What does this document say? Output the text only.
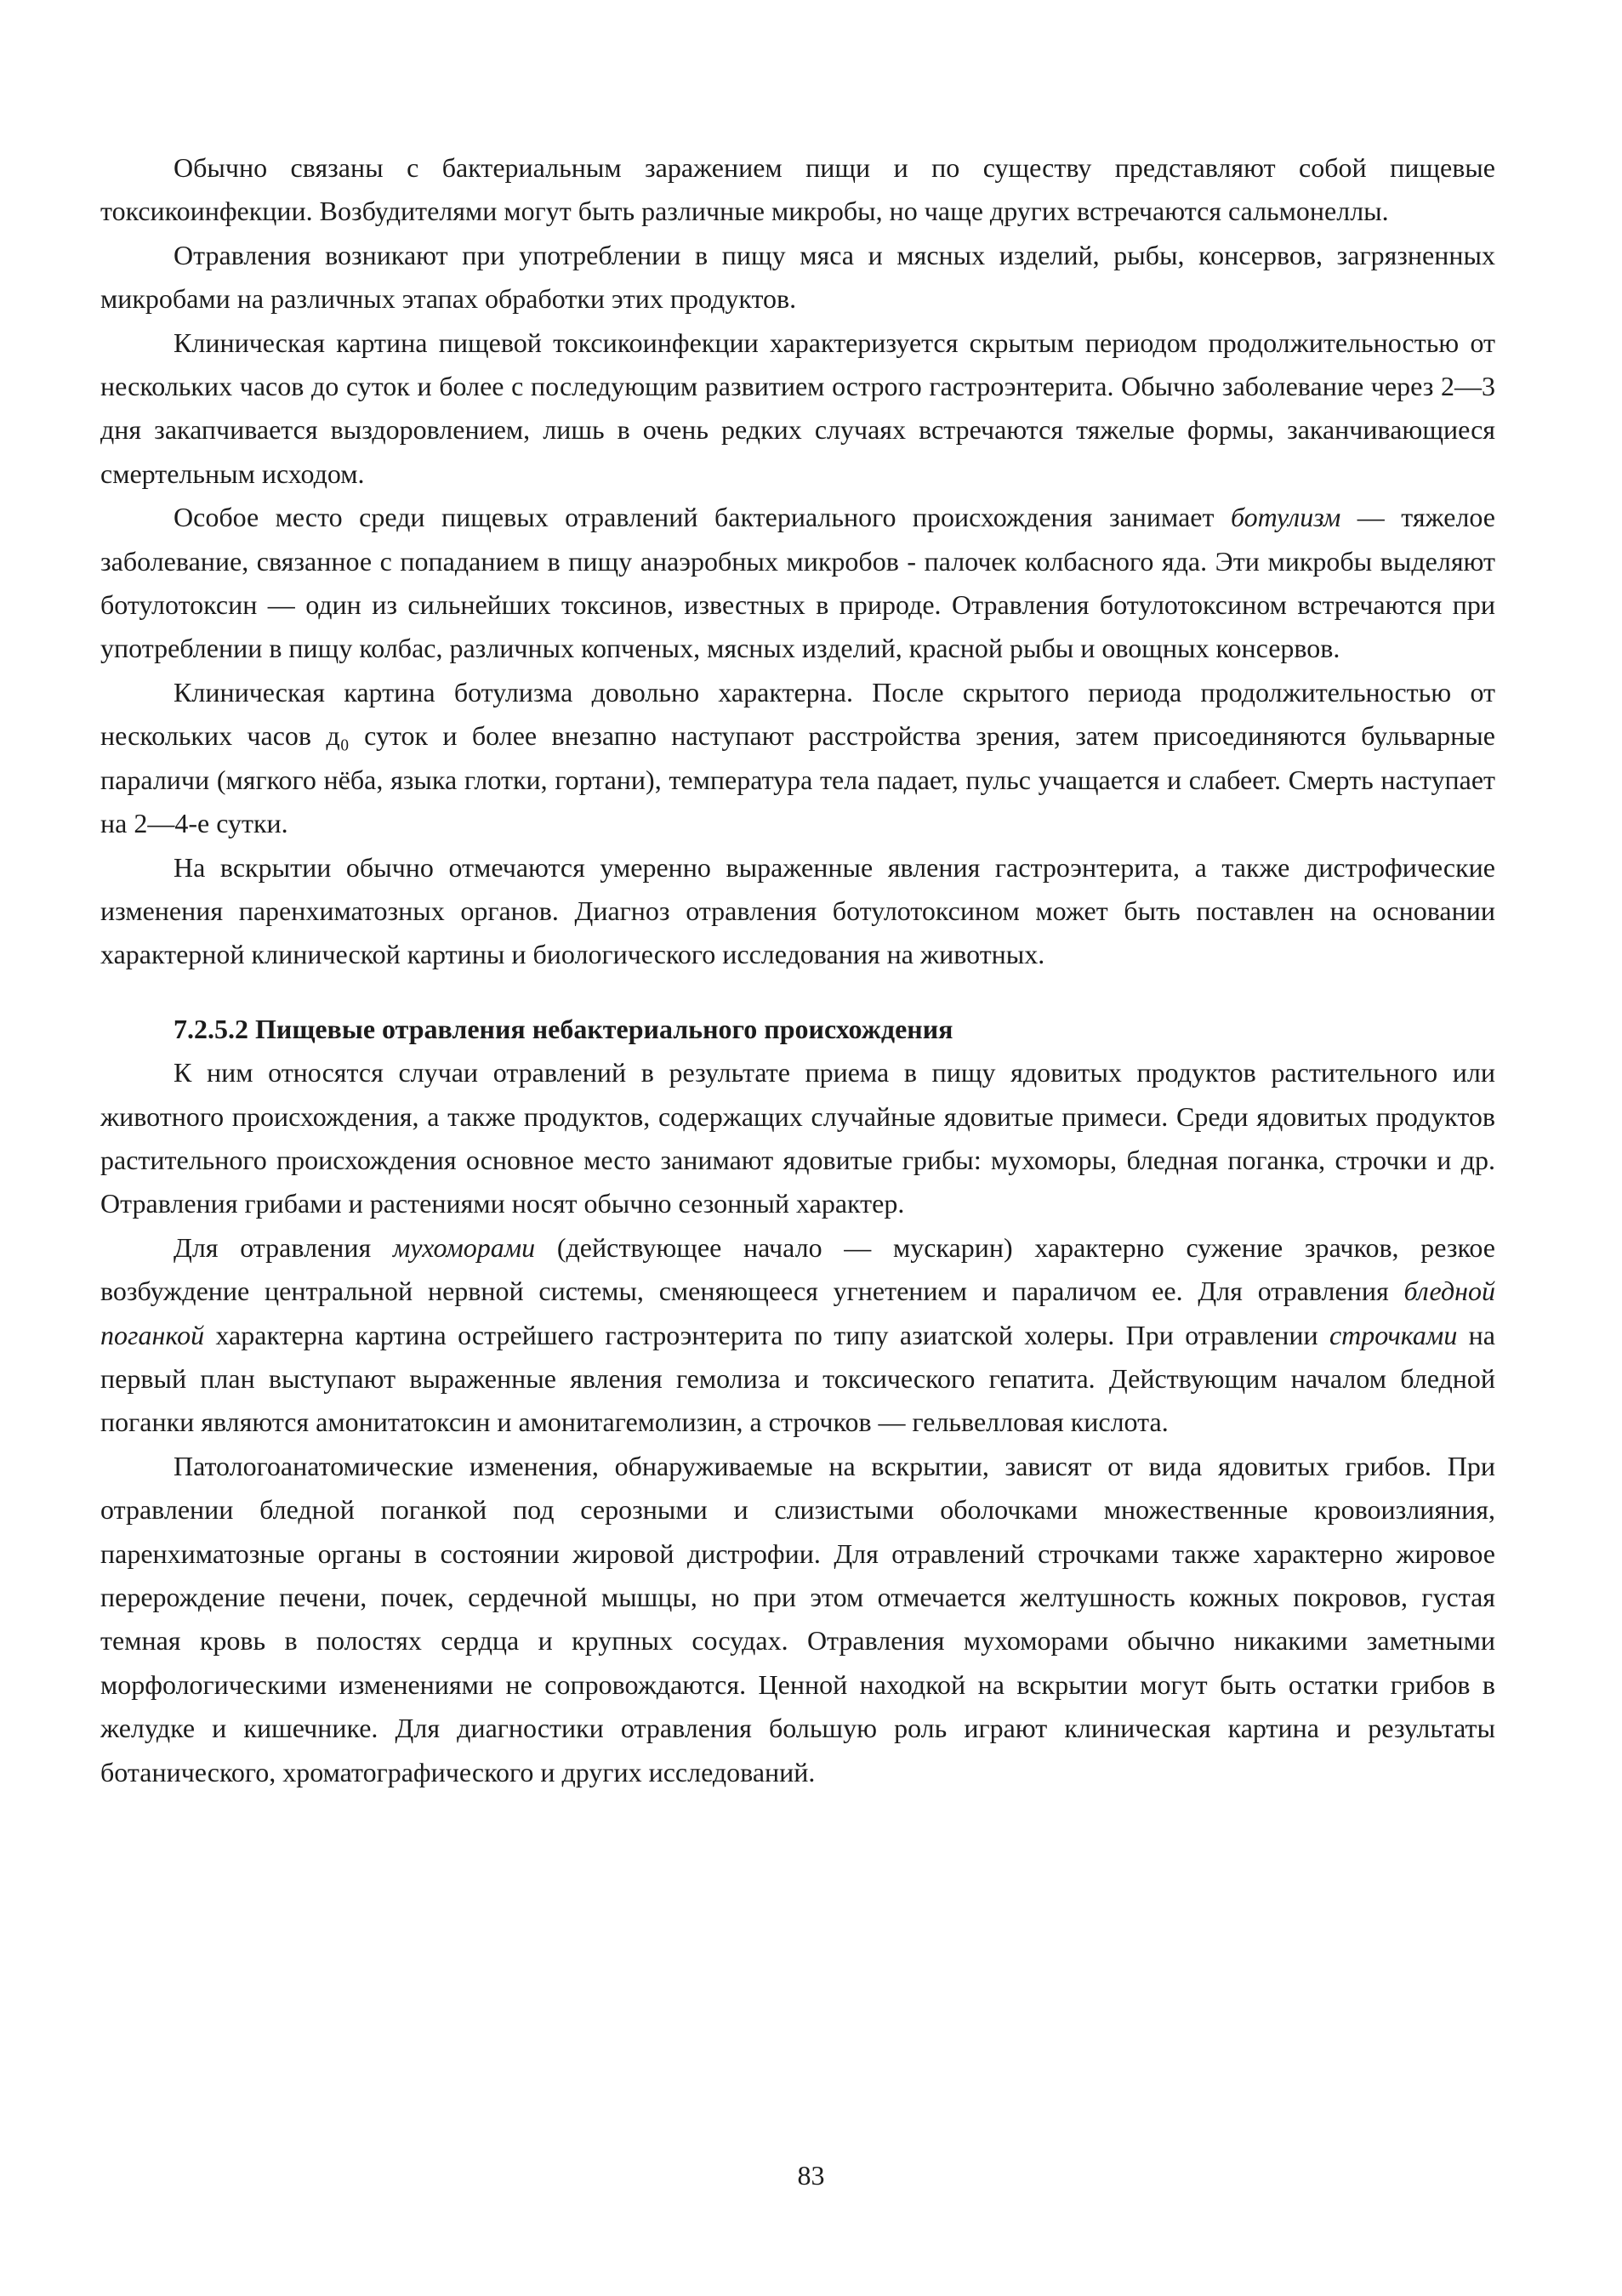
Обычно связаны с бактериальным заражением пищи и по существу представляют собой пищевые токсикоинфекции. Возбудителями могут быть различные микробы, но чаще других встречаются сальмонеллы.

Отравления возникают при употреблении в пищу мяса и мясных изделий, рыбы, консервов, загрязненных микробами на различных этапах обработки этих продуктов.

Клиническая картина пищевой токсикоинфекции характеризуется скрытым периодом продолжительностью от нескольких часов до суток и более с последующим развитием острого гастроэнтерита. Обычно заболевание через 2—3 дня закапчивается выздоровлением, лишь в очень редких случаях встречаются тяжелые формы, заканчивающиеся смертельным исходом.

Особое место среди пищевых отравлений бактериального происхождения занимает ботулизм — тяжелое заболевание, связанное с попаданием в пищу анаэробных микробов - палочек колбасного яда. Эти микробы выделяют ботулотоксин — один из сильнейших токсинов, известных в природе. Отравления ботулотоксином встречаются при употреблении в пищу колбас, различных копченых, мясных изделий, красной рыбы и овощных консервов.

Клиническая картина ботулизма довольно характерна. После скрытого периода продолжительностью от нескольких часов д₀ суток и более внезапно наступают расстройства зрения, затем присоединяются бульварные параличи (мягкого нёба, языка глотки, гортани), температура тела падает, пульс учащается и слабеет. Смерть наступает на 2—4-е сутки.

На вскрытии обычно отмечаются умеренно выраженные явления гастроэнтерита, а также дистрофические изменения паренхиматозных органов. Диагноз отравления ботулотоксином может быть поставлен на основании характерной клинической картины и биологического исследования на животных.

7.2.5.2 Пищевые отравления небактериального происхождения

К ним относятся случаи отравлений в результате приема в пищу ядовитых продуктов растительного или животного происхождения, а также продуктов, содержащих случайные ядовитые примеси. Среди ядовитых продуктов растительного происхождения основное место занимают ядовитые грибы: мухоморы, бледная поганка, строчки и др. Отравления грибами и растениями носят обычно сезонный характер.

Для отравления мухоморами (действующее начало — мускарин) характерно сужение зрачков, резкое возбуждение центральной нервной системы, сменяющееся угнетением и параличом ее. Для отравления бледной поганкой характерна картина острейшего гастроэнтерита по типу азиатской холеры. При отравлении строчками на первый план выступают выраженные явления гемолиза и токсического гепатита. Действующим началом бледной поганки являются амонитатоксин и амонитагемолизин, а строчков — гельвелловая кислота.

Патологоанатомические изменения, обнаруживаемые на вскрытии, зависят от вида ядовитых грибов. При отравлении бледной поганкой под серозными и слизистыми оболочками множественные кровоизлияния, паренхиматозные органы в состоянии жировой дистрофии. Для отравлений строчками также характерно жировое перерождение печени, почек, сердечной мышцы, но при этом отмечается желтушность кожных покровов, густая темная кровь в полостях сердца и крупных сосудах. Отравления мухоморами обычно никакими заметными морфологическими изменениями не сопровождаются. Ценной находкой на вскрытии могут быть остатки грибов в желудке и кишечнике. Для диагностики отравления большую роль играют клиническая картина и результаты ботанического, хроматографического и других исследований.

83
